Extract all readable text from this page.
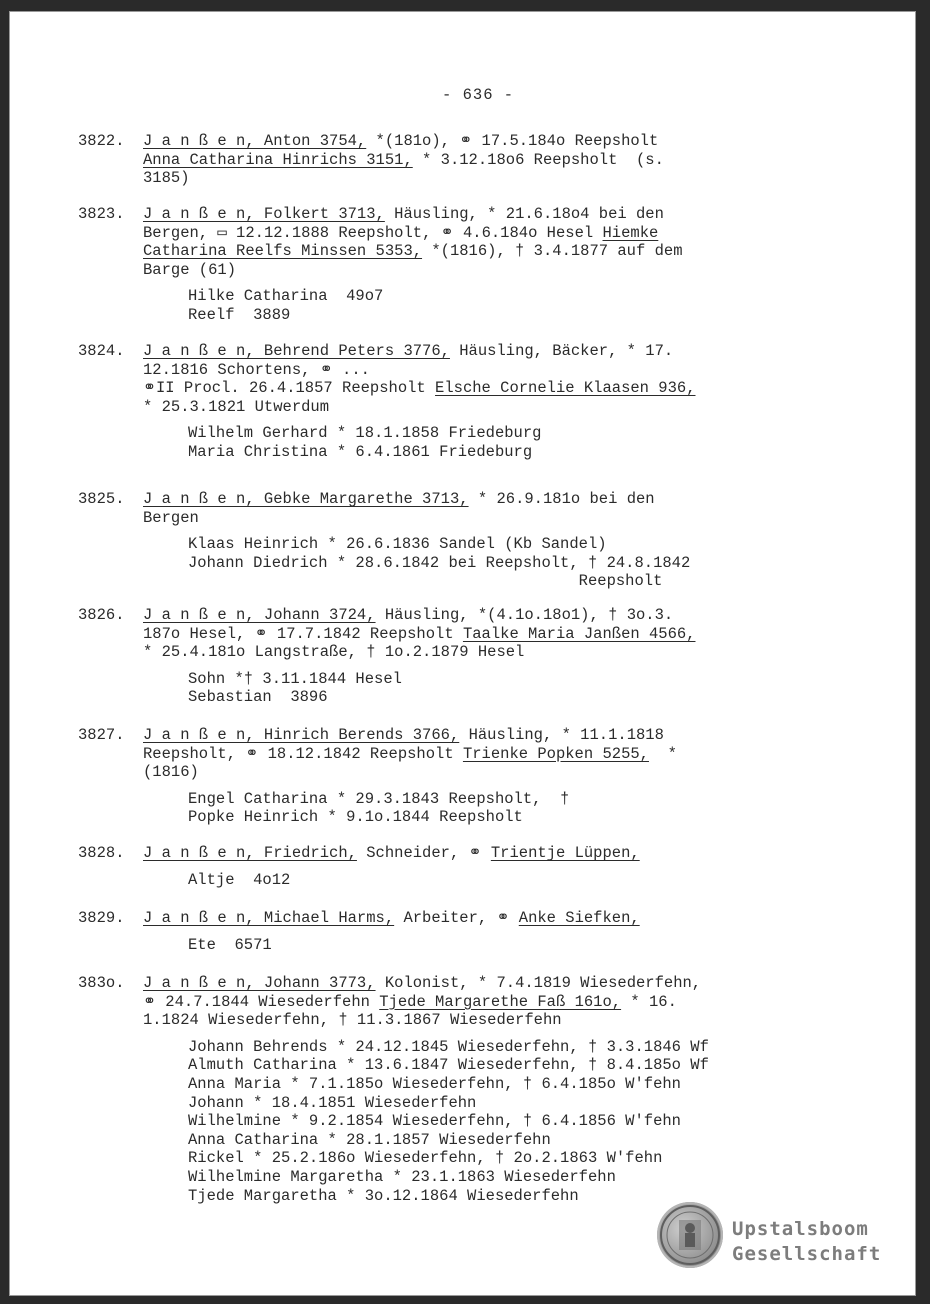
- 636 -
3822. J a n ß e n, Anton 3754, *(181o), ⚭ 17.5.184o Reepsholt
Anna Catharina Hinrichs 3151, * 3.12.18o6 Reepsholt  (s.
3185)
3823. J a n ß e n, Folkert 3713, Häusling, * 21.6.18o4 bei den
Bergen, ▭ 12.12.1888 Reepsholt, ⚭ 4.6.184o Hesel Hiemke
Catharina Reelfs Minssen 5353, *(1816), † 3.4.1877 auf dem
Barge (61)
Hilke Catharina  49o7
Reelf  3889
3824. J a n ß e n, Behrend Peters 3776, Häusling, Bäcker, * 17.
12.1816 Schortens, ⚭ ...
⚭II Procl. 26.4.1857 Reepsholt Elsche Cornelie Klaasen 936,
* 25.3.1821 Utwerdum
Wilhelm Gerhard * 18.1.1858 Friedeburg
Maria Christina * 6.4.1861 Friedeburg
3825. J a n ß e n, Gebke Margarethe 3713, * 26.9.181o bei den
Bergen
Klaas Heinrich * 26.6.1836 Sandel (Kb Sandel)
Johann Diedrich * 28.6.1842 bei Reepsholt, † 24.8.1842
Reepsholt
3826. J a n ß e n, Johann 3724, Häusling, *(4.1o.18o1), † 3o.3.
187o Hesel, ⚭ 17.7.1842 Reepsholt Taalke Maria Janßen 4566,
* 25.4.181o Langstraße, † 1o.2.1879 Hesel
Sohn *† 3.11.1844 Hesel
Sebastian  3896
3827. J a n ß e n, Hinrich Berends 3766, Häusling, * 11.1.1818
Reepsholt, ⚭ 18.12.1842 Reepsholt Trienke Popken 5255,  *
(1816)
Engel Catharina * 29.3.1843 Reepsholt,  †
Popke Heinrich * 9.1o.1844 Reepsholt
3828. J a n ß e n, Friedrich, Schneider, ⚭ Trientje Lüppen,
Altje  4o12
3829. J a n ß e n, Michael Harms, Arbeiter, ⚭ Anke Siefken,
Ete  6571
383o. J a n ß e n, Johann 3773, Kolonist, * 7.4.1819 Wiesederfehn,
⚭ 24.7.1844 Wiesederfehn Tjede Margarethe Faß 161o, * 16.
1.1824 Wiesederfehn, † 11.3.1867 Wiesederfehn
Johann Behrends * 24.12.1845 Wiesederfehn, † 3.3.1846 Wf
Almuth Catharina * 13.6.1847 Wiesederfehn, † 8.4.185o Wf
Anna Maria * 7.1.185o Wiesederfehn, † 6.4.185o W'fehn
Johann * 18.4.1851 Wiesederfehn
Wilhelmine * 9.2.1854 Wiesederfehn, † 6.4.1856 W'fehn
Anna Catharina * 28.1.1857 Wiesederfehn
Rickel * 25.2.186o Wiesederfehn, † 2o.2.1863 W'fehn
Wilhelmine Margaretha * 23.1.1863 Wiesederfehn
Tjede Margaretha * 3o.12.1864 Wiesederfehn
Upstalsboom
Gesellschaft
